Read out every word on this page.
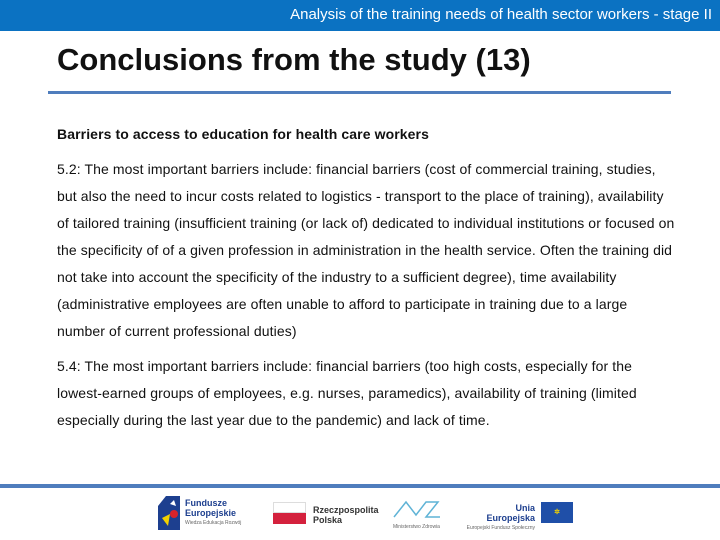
Analysis of the training needs of health sector workers - stage II
Conclusions from the study (13)
Barriers to access to education for health care workers
5.2: The most important barriers include: financial barriers (cost of commercial training, studies, but also the need to incur costs related to logistics - transport to the place of training), availability of tailored training (insufficient training (or lack of) dedicated to individual institutions or focused on the specificity of of a given profession in administration in the health service. Often the training did not take into account the specificity of the industry to a sufficient degree), time availability (administrative employees are often unable to afford to participate in training due to a large number of current professional duties)
5.4: The most important barriers include: financial barriers (too high costs, especially for the lowest-earned groups of employees, e.g. nurses, paramedics), availability of training (limited especially during the last year due to the pandemic) and lack of time.
Fundusze
Europejskie
Wiedza Edukacja Rozwój
Rzeczpospolita
Polska
Ministerstwo Zdrowia
Unia Europejska
Europejski Fundusz Społeczny
✲
